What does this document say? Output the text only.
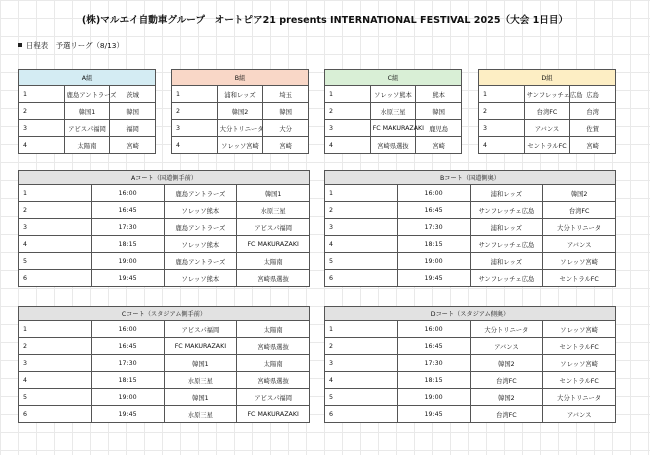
(株)マルエイ自動車グループ　オートピア21 presents INTERNATIONAL FESTIVAL 2025（大会 1日目）
日程表　予選リーグ（8/13）
A組		
1	鹿島アントラーズ	茨城
2	韓国1	韓国
3	アビスパ福岡	福岡
4	太陽南	宮崎
B組		
1	浦和レッズ	埼玉
2	韓国2	韓国
3	大分トリニータ	大分
4	ソレッソ宮崎	宮崎
C組		
1	ソレッソ熊本	熊本
2	水原三星	韓国
3	FC MAKURAZAKI	鹿児島
4	宮崎県選抜	宮崎
D組		
1	サンフレッチェ広島	広島
2	台湾FC	台湾
3	アバンス	佐賀
4	セントラルFC	宮崎
Aコート（国道側手前）			
1	16:00	鹿島アントラーズ	韓国1
2	16:45	ソレッソ熊本	水原三星
3	17:30	鹿島アントラーズ	アビスパ福岡
4	18:15	ソレッソ熊本	FC MAKURAZAKI
5	19:00	鹿島アントラーズ	太陽南
6	19:45	ソレッソ熊本	宮崎県選抜
Bコート（国道側奥）			
1	16:00	浦和レッズ	韓国2
2	16:45	サンフレッチェ広島	台湾FC
3	17:30	浦和レッズ	大分トリニータ
4	18:15	サンフレッチェ広島	アバンス
5	19:00	浦和レッズ	ソレッソ宮崎
6	19:45	サンフレッチェ広島	セントラルFC
Cコート（スタジアム側手前）			
1	16:00	アビスパ福岡	太陽南
2	16:45	FC MAKURAZAKI	宮崎県選抜
3	17:30	韓国1	太陽南
4	18:15	水原三星	宮崎県選抜
5	19:00	韓国1	アビスパ福岡
6	19:45	水原三星	FC MAKURAZAKI
Dコート（スタジアム側奥）			
1	16:00	大分トリニータ	ソレッソ宮崎
2	16:45	アバンス	セントラルFC
3	17:30	韓国2	ソレッソ宮崎
4	18:15	台湾FC	セントラルFC
5	19:00	韓国2	大分トリニータ
6	19:45	台湾FC	アバンス
